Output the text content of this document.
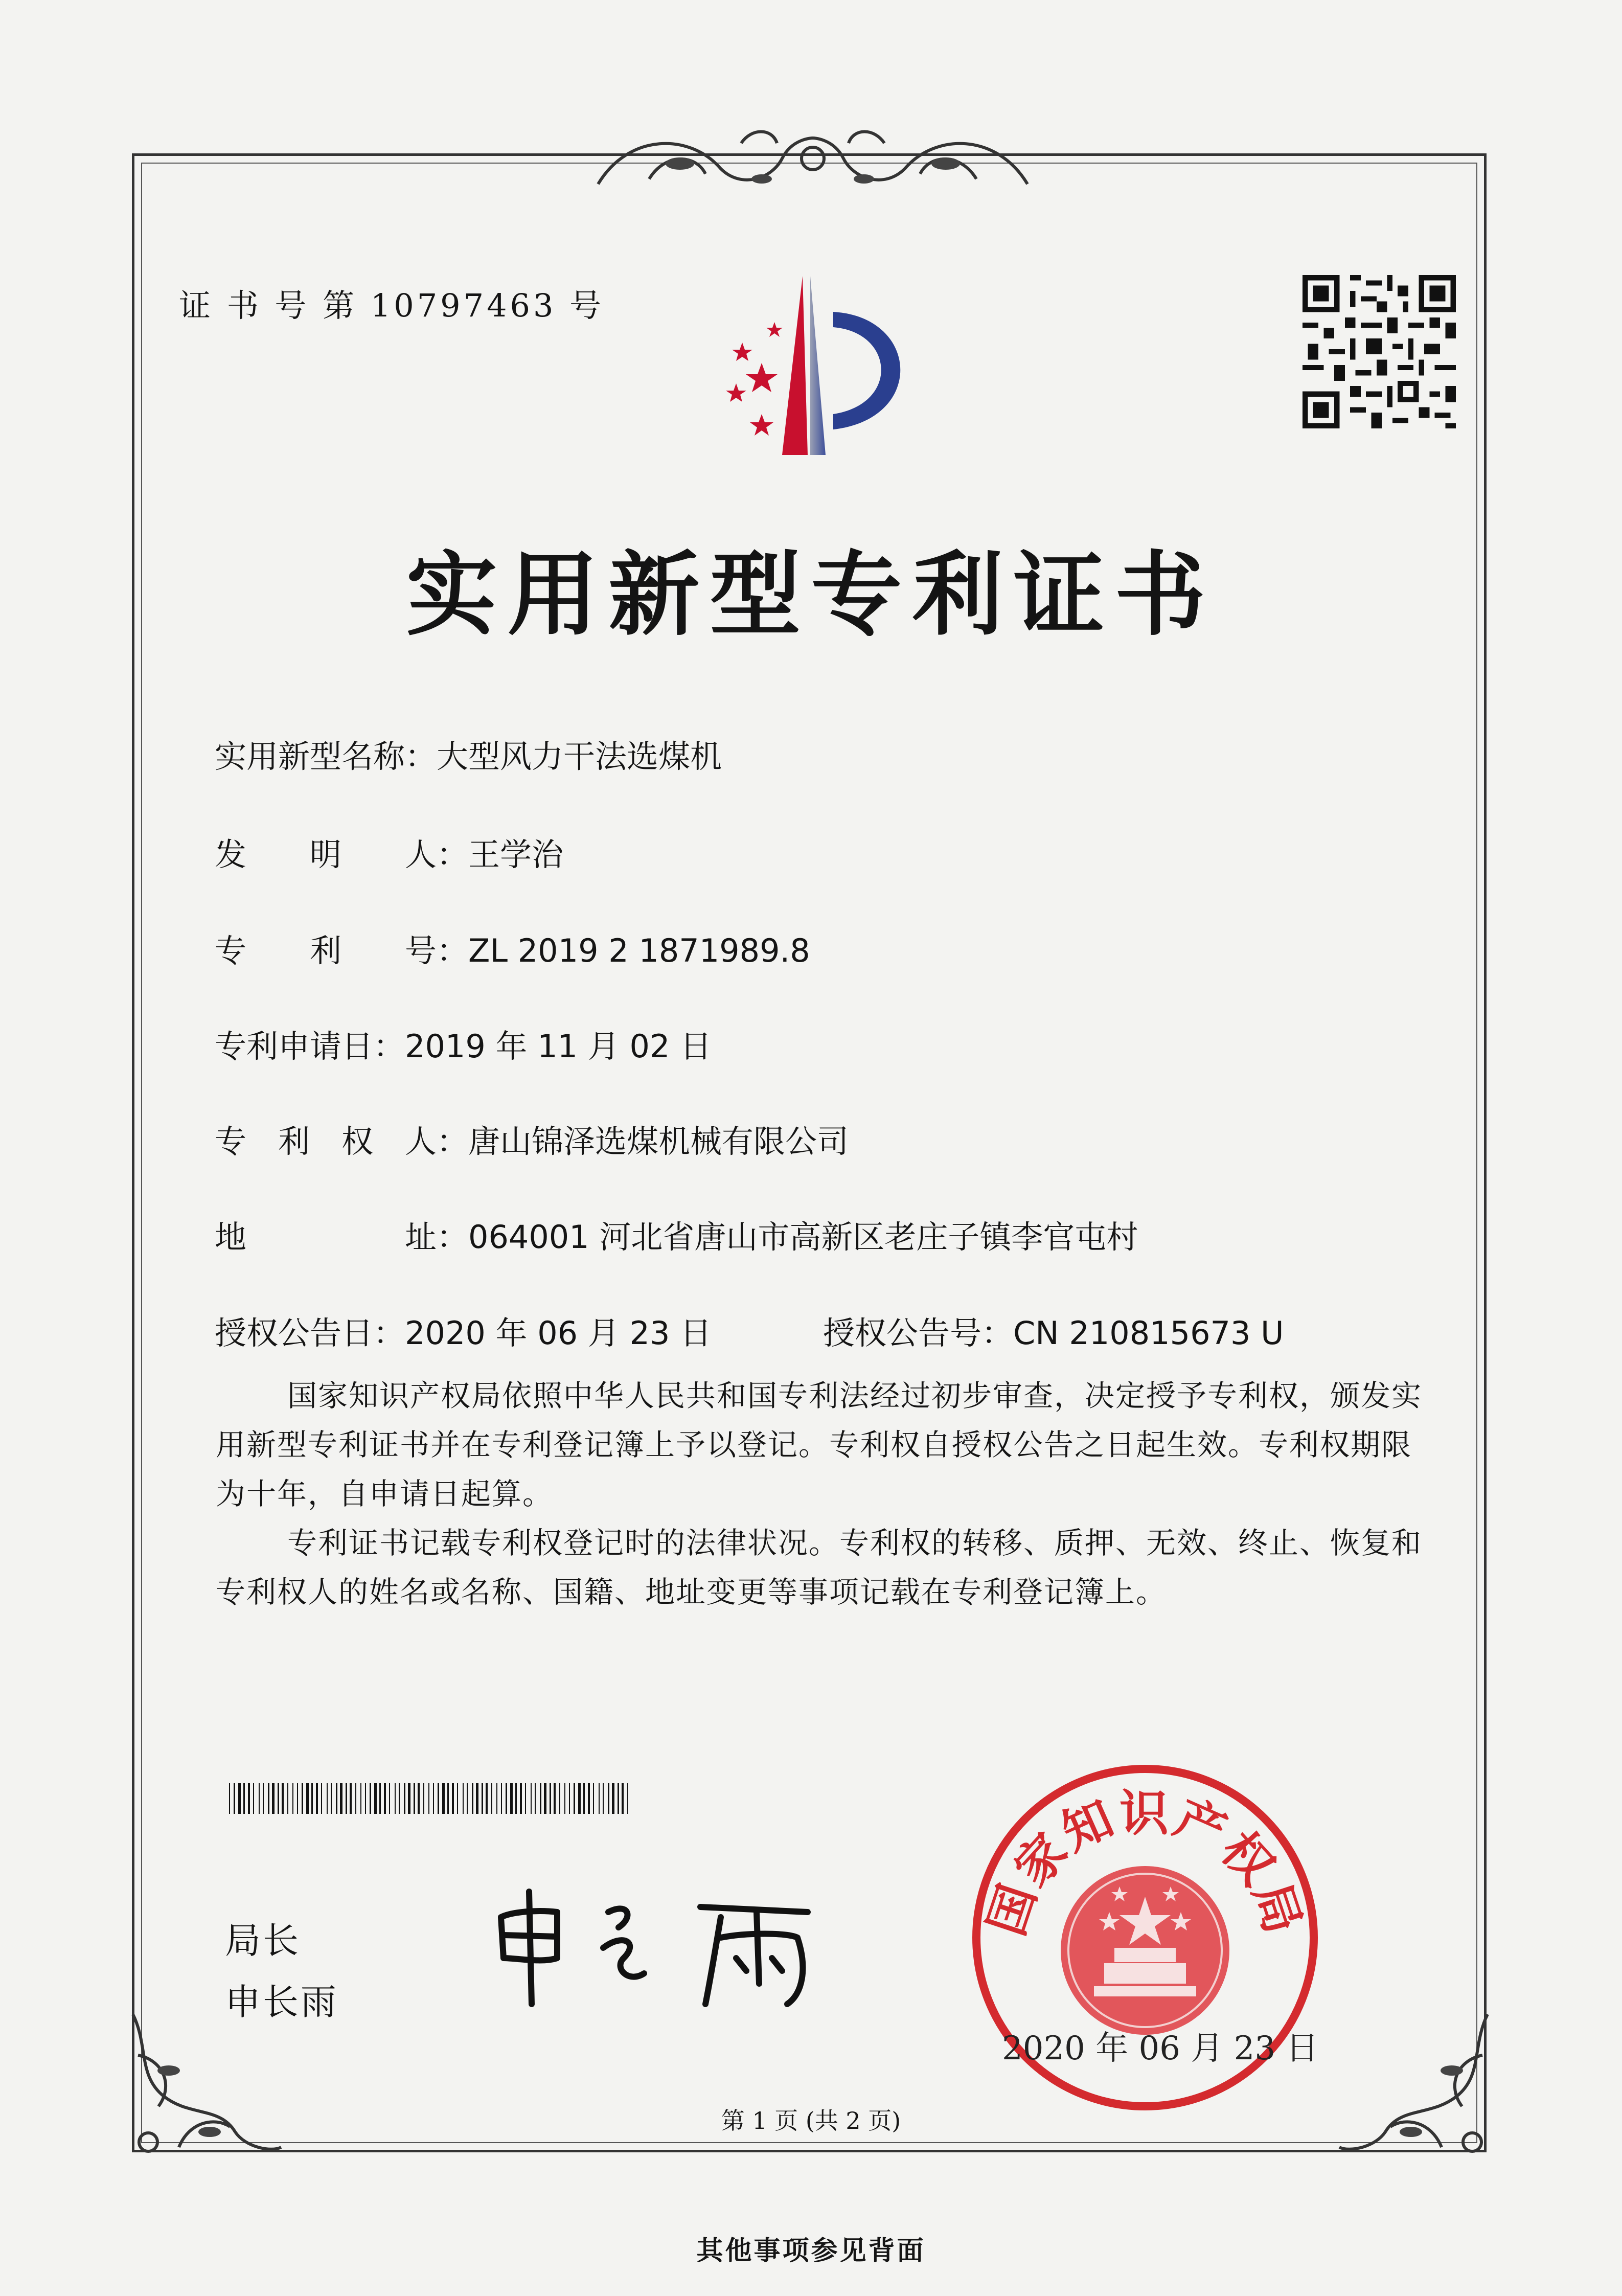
证 书 号 第 10797463 号
实用新型专利证书
实用新型名称：大型风力干法选煤机
发　　明　　人：王学治
专　　利　　号：ZL 2019 2 1871989.8
专利申请日：2019 年 11 月 02 日
专　利　权　人：唐山锦泽选煤机械有限公司
地　　　　　址：064001 河北省唐山市高新区老庄子镇李官屯村
授权公告日：2020 年 06 月 23 日	授权公告号：CN 210815673 U
国家知识产权局依照中华人民共和国专利法经过初步审查，决定授予专利权，颁发实用新型专利证书并在专利登记簿上予以登记。专利权自授权公告之日起生效。专利权期限为十年，自申请日起算。
专利证书记载专利权登记时的法律状况。专利权的转移、质押、无效、终止、恢复和专利权人的姓名或名称、国籍、地址变更等事项记载在专利登记簿上。
局长
申长雨
国家知识产权局
2020 年 06 月 23 日
第 1 页 (共 2 页)
其他事项参见背面
